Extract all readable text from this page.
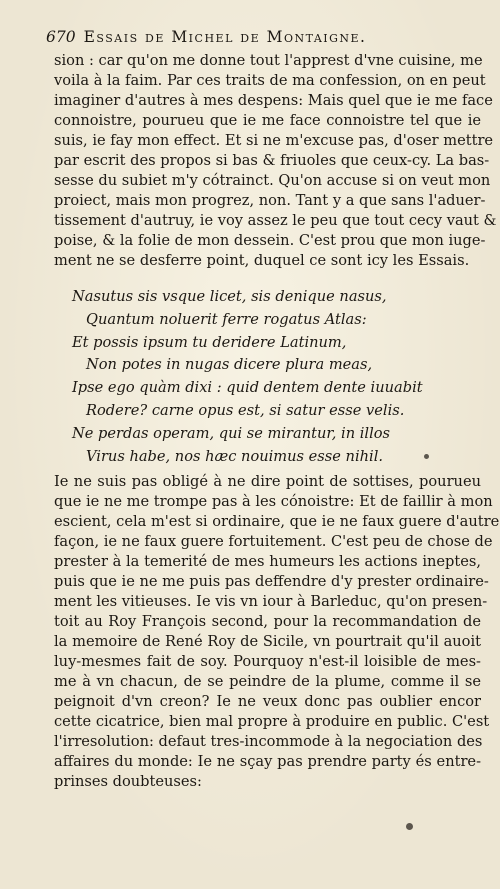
670 Essais de Michel de Montaigne.
sion : car qu'on me donne tout l'apprest d'vne cuisine, me
voila à la faim. Par ces traits de ma confession, on en peut
imaginer d'autres à mes despens: Mais quel que ie me face
connoistre, pourueu que ie me face connoistre tel que ie
suis, ie fay mon effect. Et si ne m'excuse pas, d'oser mettre
par escrit des propos si bas & friuoles que ceux-cy. La bas-
sesse du subiet m'y cótrainct. Qu'on accuse si on veut mon
proiect, mais mon progrez, non. Tant y a que sans l'aduer-
tissement d'autruy, ie voy assez le peu que tout cecy vaut &
poise, & la folie de mon dessein. C'est prou que mon iuge-
ment ne se desferre point, duquel ce sont icy les Essais.
Nasutus sis vsque licet, sis denique nasus,
Quantum noluerit ferre rogatus Atlas:
Et possis ipsum tu deridere Latinum,
Non potes in nugas dicere plura meas,
Ipse ego quàm dixi : quid dentem dente iuuabit
Rodere? carne opus est, si satur esse velis.
Ne perdas operam, qui se mirantur, in illos
Virus habe, nos hæc nouimus esse nihil.
Ie ne suis pas obligé à ne dire point de sottises, pourueu
que ie ne me trompe pas à les cónoistre: Et de faillir à mon
escient, cela m'est si ordinaire, que ie ne faux guere d'autre
façon, ie ne faux guere fortuitement. C'est peu de chose de
prester à la temerité de mes humeurs les actions ineptes,
puis que ie ne me puis pas deffendre d'y prester ordinaire-
ment les vitieuses. Ie vis vn iour à Barleduc, qu'on presen-
toit au Roy François second, pour la recommandation de
la memoire de René Roy de Sicile, vn pourtrait qu'il auoit
luy-mesmes fait de soy. Pourquoy n'est-il loisible de mes-
me à vn chacun, de se peindre de la plume, comme il se
peignoit d'vn creon? Ie ne veux donc pas oublier encor
cette cicatrice, bien mal propre à produire en public. C'est
l'irresolution: defaut tres-incommode à la negociation des
affaires du monde: Ie ne sçay pas prendre party és entre-
prinses doubteuses:
